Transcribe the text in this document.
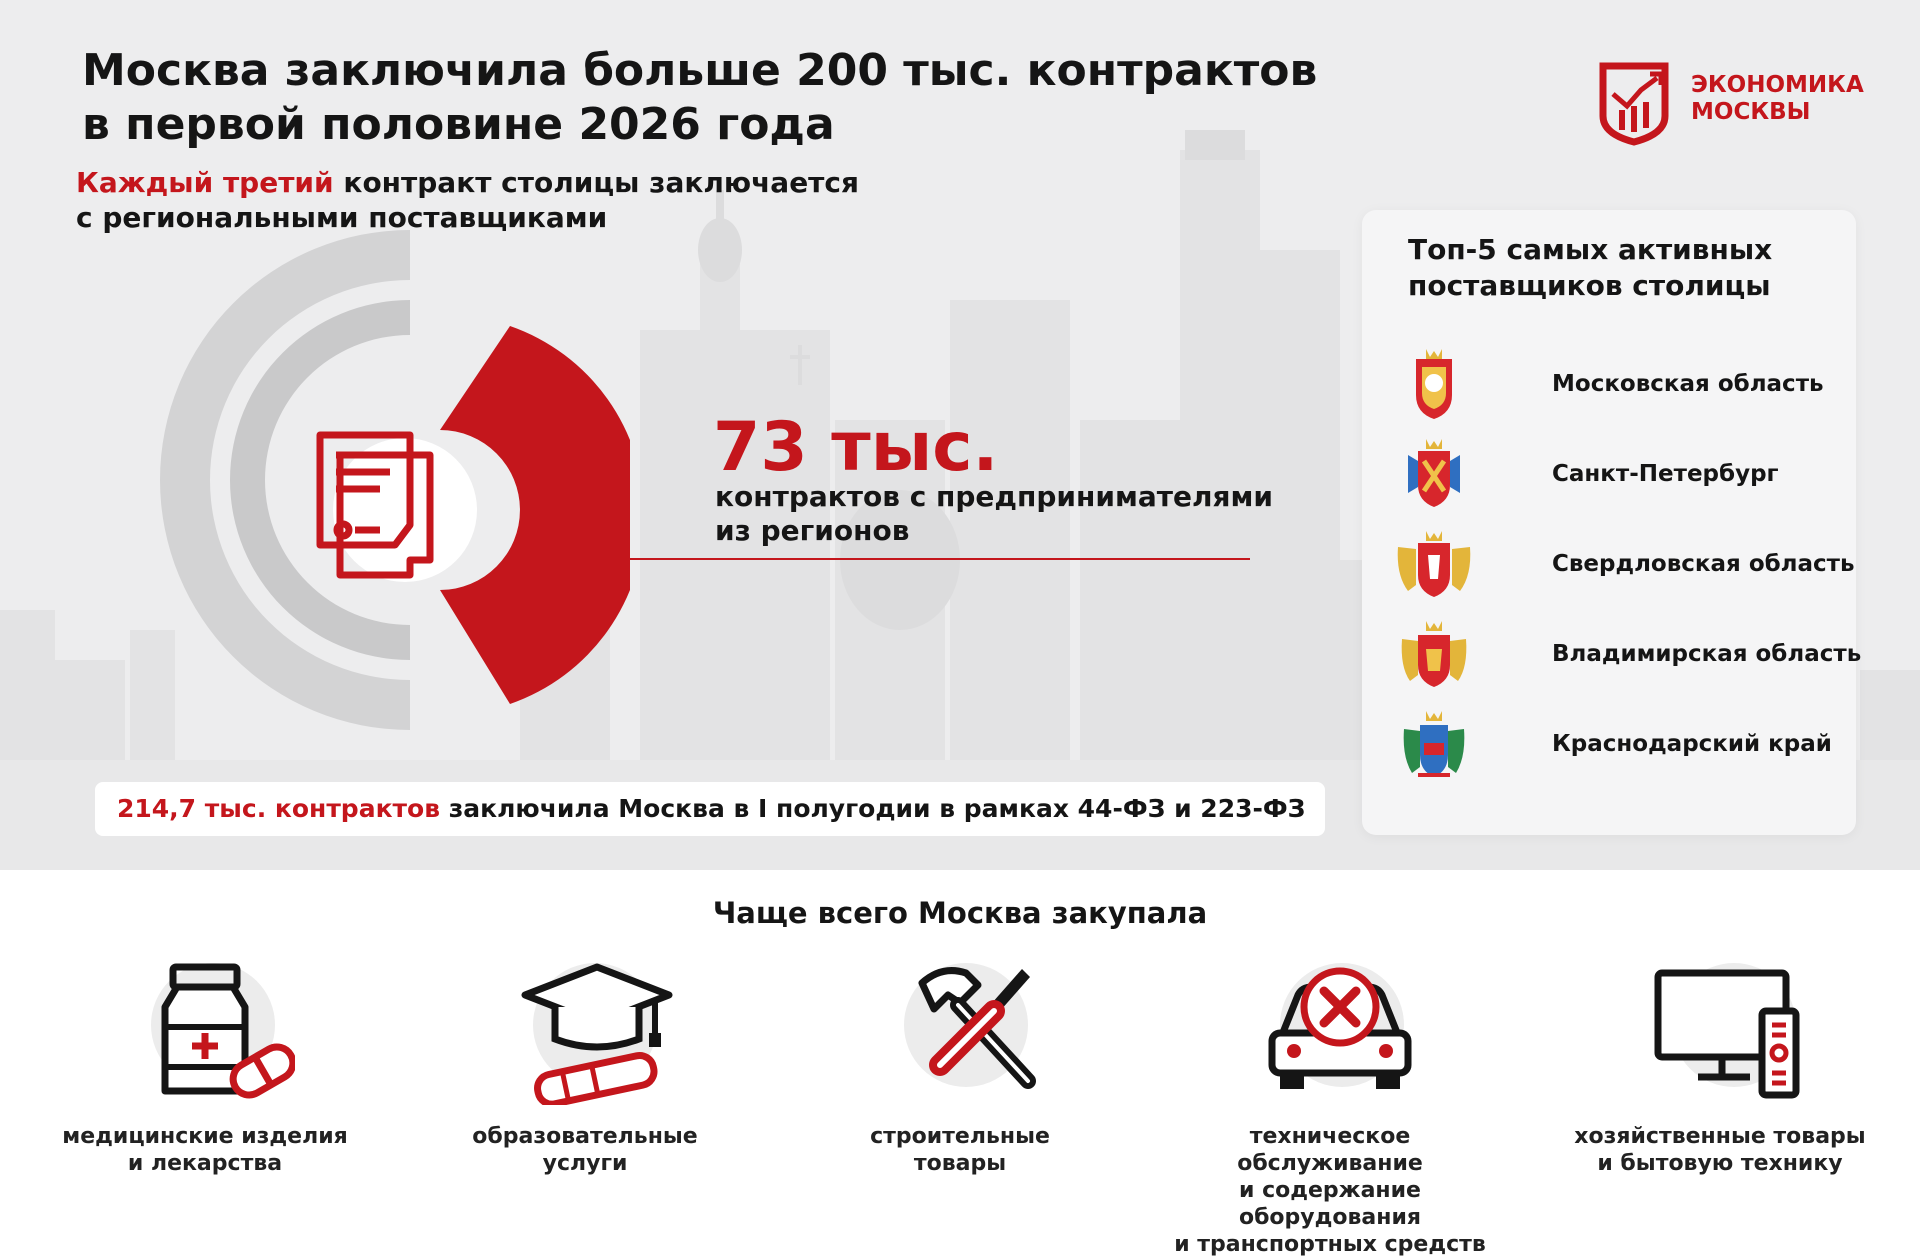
Москва заключила больше 200 тыс. контрактов
в первой половине 2026 года
ЭКОНОМИКА
МОСКВЫ
Каждый третий контракт столицы заключается
с региональными поставщиками
73 тыс.
контрактов с предпринимателями
из регионов
214,7 тыс. контрактов заключила Москва в I полугодии в рамках 44-ФЗ и 223-ФЗ
Топ-5 самых активных
поставщиков столицы
Московская область
Санкт-Петербург
Свердловская область
Владимирская область
Краснодарский край
Чаще всего Москва закупала
медицинские изделия
и лекарства
образовательные
услуги
строительные
товары
техническое обслуживание
и содержание оборудования
и транспортных средств
хозяйственные товары
и бытовую технику
